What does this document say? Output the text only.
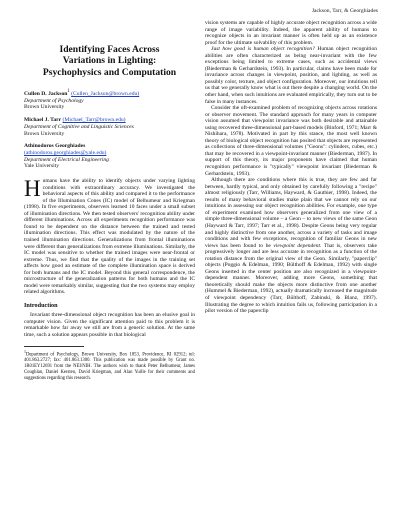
Jackson, Tarr, & Georghiades
Identifying Faces Across
Variations in Lighting:
Psychophysics and Computation
Cullen D. Jackson$^1$ (Cullen_Jackson@brown.edu)
Department of Psychology
Brown University
Michael J. Tarr (Michael_Tarr@brown.edu)
Department of Cognitive and Linguistic Sciences
Brown University
Athinodoros Georghiades
(athinodoros.georghiades@yale.edu)
Department of Electrical Engineering
Yale University

Humans have the ability to identify objects under varying lighting conditions with extraordinary accuracy. We investigated the behavioral aspects of this ability and compared it to the performance of the Illumination Cones (IC) model of Belhumeur and Kriegman (1998). In five experiments, observers learned 10 faces under a small subset of illumination directions. We then tested observers' recognition ability under different illuminations. Across all experiments recognition performance was found to be dependent on the distance between the trained and tested illumination directions. This effect was modulated by the nature of the trained illumination directions. Generalizations from frontal illuminations were different than generalizations from extreme illuminations. Similarly, the IC model was sensitive to whether the trained images were near-frontal or extreme. Thus, we find that the quality of the images in the training set affects how good an estimate of the complete illumination space is derived for both humans and the IC model. Beyond this general correspondence, the microstructure of the generalization patterns for both humans and the IC model were remarkably similar, suggesting that the two systems may employ related algorithms.

Introduction

Invariant three-dimensional object recognition has been an elusive goal in computer vision. Given the significant attention paid to this problem it is remarkable how far away we still are from a generic solution. At the same time, such a solution appears possible in that biological

$^1$Department of Psychology, Brown University, Box 1853, Providence, RI 02912; tel: 401.863.2727; fax: 401.863.1300. This publication was made possible by Grant no. 1R01EY12691 from the NEI/NIH. The authors wish to thank Peter Belhumeur, James Coughlan, Daniel Kersten, David Kriegman, and Alan Yuille for their comments and suggestions regarding this research.

vision systems are capable of highly accurate object recognition across a wide range of image variability. Indeed, the apparent ability of humans to recognize objects in an invariant manner is often held up as an existence proof for the ultimate solvability of this problem.

Just how good is human object recognition? Human object recognition abilities are often characterized as being near-invariant with the few exceptions being limited to extreme cases, such as accidental views (Biederman & Gerhardstein, 1993). In particular, claims have been made for invariance across changes in viewpoint, position, and lighting, as well as possibly color, texture, and object configuration. Moreover, our intuitions tell us that we generally know what is out there despite a changing world. On the other hand, when such intuitions are evaluated empirically, they turn out to be false in many instances.

Consider the oft-examined problem of recognizing objects across rotations or observer movement. The standard approach for many years in computer vision assumed that viewpoint invariance was both desirable and attainable using recovered three-dimensional part-based models (Binford, 1971; Marr & Nishihara, 1978). Motivated in part by this stance, the most well known theory of biological object recognition has posited that objects are represented as collections of three-dimensional volumes ("Geons": cylinders, cubes, etc.) that may be recovered in a viewpoint-invariant manner (Biederman, 1987). In support of this theory, its major proponents have claimed that human recognition performance is "typically" viewpoint invariant (Biederman & Gerhardstein, 1993).

Although there are conditions where this is true, they are few and far between, hardly typical, and only obtained by carefully following a "recipe" almost religiously (Tarr, Williams, Hayward, & Gauthier, 1998). Indeed, the results of many behavioral studies make plain that we cannot rely on our intuitions in assessing our object recognition abilities. For example, one type of experiment examined how observers generalized from one view of a simple three-dimensional volume – a Geon – to new views of the same Geon (Hayward & Tarr, 1997; Tarr et al., 1998). Despite Geons being very regular and highly distinctive from one another, across a variety of tasks and image conditions and with few exceptions, recognition of familiar Geons in new views has been found to be viewpoint dependent. That is, observers take progressively longer and are less accurate in recognition as a function of the rotation distance from the original view of the Geon. Similarly, "paperclip" objects (Poggio & Edelman, 1990; Bülthoff & Edelman, 1992) with single Geons inserted in the center position are also recognized in a viewpoint-dependent manner. Moreover, adding more Geons, something that theoretically should make the objects more distinctive from one another (Hummel & Biederman, 1992), actually dramatically increased the magnitude of viewpoint dependency (Tarr, Bülthoff, Zabinski, & Blanz, 1997). Illustrating the degree to which intuition fails us, following participation in a pilot version of the paperclip
